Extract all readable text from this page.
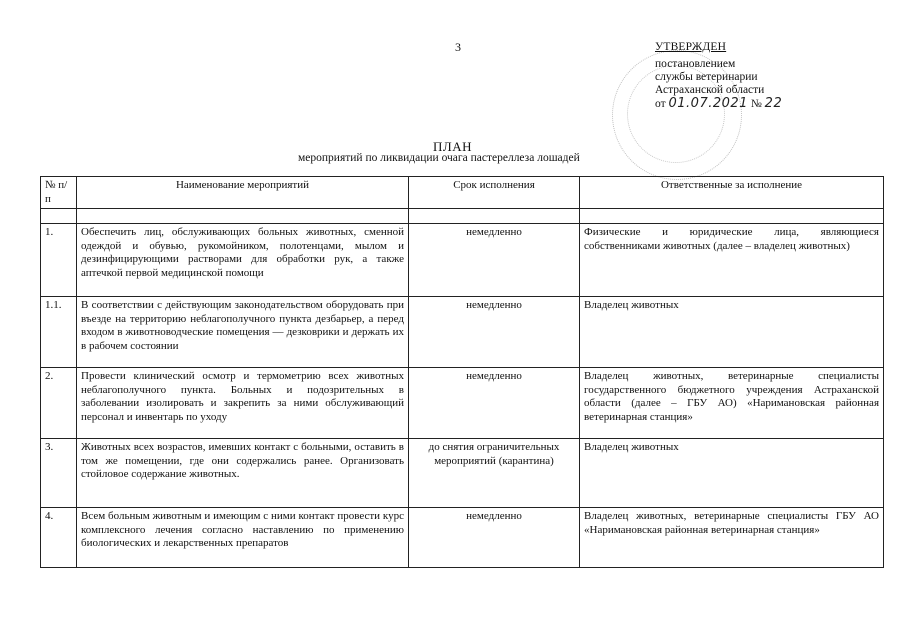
3	УТВЕРЖДЕН
постановлением
службы ветеринарии
Астраханской области
от 01.07.2021 № 22
ПЛАН
мероприятий по ликвидации очага пастереллеза лошадей
№ п/п	Наименование мероприятий	Срок исполнения	Ответственные за исполнение

1.	Обеспечить лиц, обслуживающих больных животных, сменной одеждой и обувью, рукомойником, полотенцами, мылом и дезинфицирующими растворами для обработки рук, а также аптечкой первой медицинской помощи	немедленно	Физические и юридические лица, являющиеся собственниками животных (далее – владелец животных)
1.1.	В соответствии с действующим законодательством оборудовать при въезде на территорию неблагополучного пункта дезбарьер, а перед входом в животноводческие помещения — дезковрики и держать их в рабочем состоянии	немедленно	Владелец животных
2.	Провести клинический осмотр и термометрию всех животных неблагополучного пункта. Больных и подозрительных в заболевании изолировать и закрепить за ними обслуживающий персонал и инвентарь по уходу	немедленно	Владелец животных, ветеринарные специалисты государственного бюджетного учреждения Астраханской области (далее – ГБУ АО) «Наримановская районная ветеринарная станция»
3.	Животных всех возрастов, имевших контакт с больными, оставить в том же помещении, где они содержались ранее. Организовать стойловое содержание животных.	до снятия ограничительных мероприятий (карантина)	Владелец животных
4.	Всем больным животным и имеющим с ними контакт провести курс комплексного лечения согласно наставлению по применению биологических и лекарственных препаратов	немедленно	Владелец животных, ветеринарные специалисты ГБУ АО «Наримановская районная ветеринарная станция»
